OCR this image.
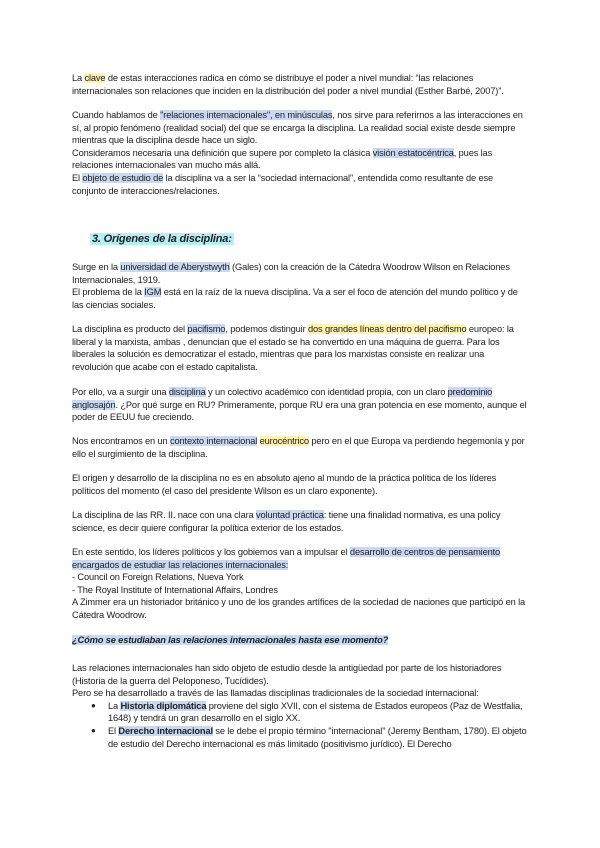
La clave de estas interacciones radica en cómo se distribuye el poder a nivel mundial: “las relaciones internacionales son relaciones que inciden en la distribución del poder a nivel mundial (Esther Barbé, 2007)”.

Cuando hablamos de "relaciones internacionales", en minúsculas, nos sirve para referirnos a las interacciones en sí, al propio fenómeno (realidad social) del que se encarga la disciplina. La realidad social existe desde siempre mientras que la disciplina desde hace un siglo.

Consideramos necesaria una definición que supere por completo la clásica visión estatocéntrica, pues las relaciones internacionales van mucho más allá.

El objeto de estudio de la disciplina va a ser la “sociedad internacional”, entendida como resultante de ese conjunto de interacciones/relaciones.

3. Orígenes de la disciplina:

Surge en la universidad de Aberystwyth (Gales) con la creación de la Cátedra Woodrow Wilson en Relaciones Internacionales, 1919.

El problema de la IGM está en la raíz de la nueva disciplina. Va a ser el foco de atención del mundo político y de las ciencias sociales.

La disciplina es producto del pacifismo, podemos distinguir dos grandes líneas dentro del pacifismo europeo: la liberal y la marxista, ambas , denuncian que el estado se ha convertido en una máquina de guerra. Para los liberales la solución es democratizar el estado, mientras que para los marxistas consiste en realizar una revolución que acabe con el estado capitalista.

Por ello, va a surgir una disciplina y un colectivo académico con identidad propia, con un claro predominio anglosajón. ¿Por qué surge en RU? Primeramente, porque RU era una gran potencia en ese momento, aunque el poder de EEUU fue creciendo.

Nos encontramos en un contexto internacional eurocéntrico pero en el que Europa va perdiendo hegemonía y por ello el surgimiento de la disciplina.

El origen y desarrollo de la disciplina no es en absoluto ajeno al mundo de la práctica política de los líderes políticos del momento (el caso del presidente Wilson es un claro exponente).

La disciplina de las RR. II. nace con una clara voluntad práctica: tiene una finalidad normativa, es una policy science, es decir quiere configurar la política exterior de los estados.

En este sentido, los líderes políticos y los gobiernos van a impulsar el desarrollo de centros de pensamiento encargados de estudiar las relaciones internacionales:

- Council on Foreign Relations, Nueva York

- The Royal Institute of International Affairs, Londres

A Zimmer era un historiador británico y uno de los grandes artífices de la sociedad de naciones que participó en la Cátedra Woodrow.

¿Cómo se estudiaban las relaciones internacionales hasta ese momento?

Las relaciones internacionales han sido objeto de estudio desde la antigüedad por parte de los historiadores (Historia de la guerra del Peloponeso, Tucídides).

Pero se ha desarrollado a través de las llamadas disciplinas tradicionales de la sociedad internacional:

● La Historia diplomática proviene del siglo XVII, con el sistema de Estados europeos (Paz de Westfalia, 1648) y tendrá un gran desarrollo en el siglo XX.
● El Derecho internacional se le debe el propio término "internacional" (Jeremy Bentham, 1780). El objeto de estudio del Derecho internacional es más limitado (positivismo jurídico). El Derecho
